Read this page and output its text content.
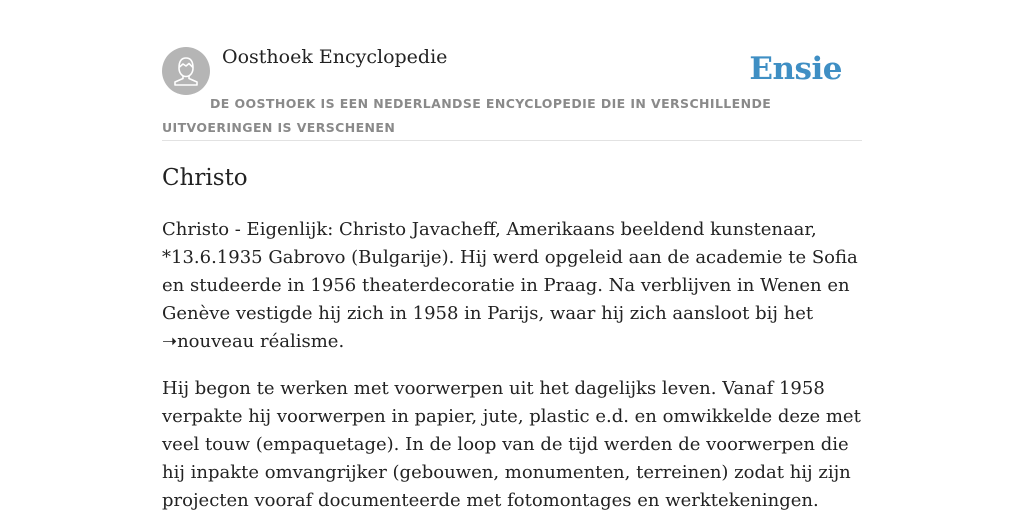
Oosthoek Encyclopedie	Ensie
DE OOSTHOEK IS EEN NEDERLANDSE ENCYCLOPEDIE DIE IN VERSCHILLENDE UITVOERINGEN IS VERSCHENEN
Christo

Christo - Eigenlijk: Christo Javacheff, Amerikaans beeldend kunstenaar, *13.6.1935 Gabrovo (Bulgarije). Hij werd opgeleid aan de academie te Sofia en studeerde in 1956 theaterdecoratie in Praag. Na verblijven in Wenen en Genève vestigde hij zich in 1958 in Parijs, waar hij zich aansloot bij het ➝nouveau réalisme.

Hij begon te werken met voorwerpen uit het dagelijks leven. Vanaf 1958 verpakte hij voorwerpen in papier, jute, plastic e.d. en omwikkelde deze met veel touw (empaquetage). In de loop van de tijd werden de voorwerpen die hij inpakte omvangrijker (gebouwen, monumenten, terreinen) zodat hij zijn projecten vooraf documenteerde met fotomontages en werktekeningen.
